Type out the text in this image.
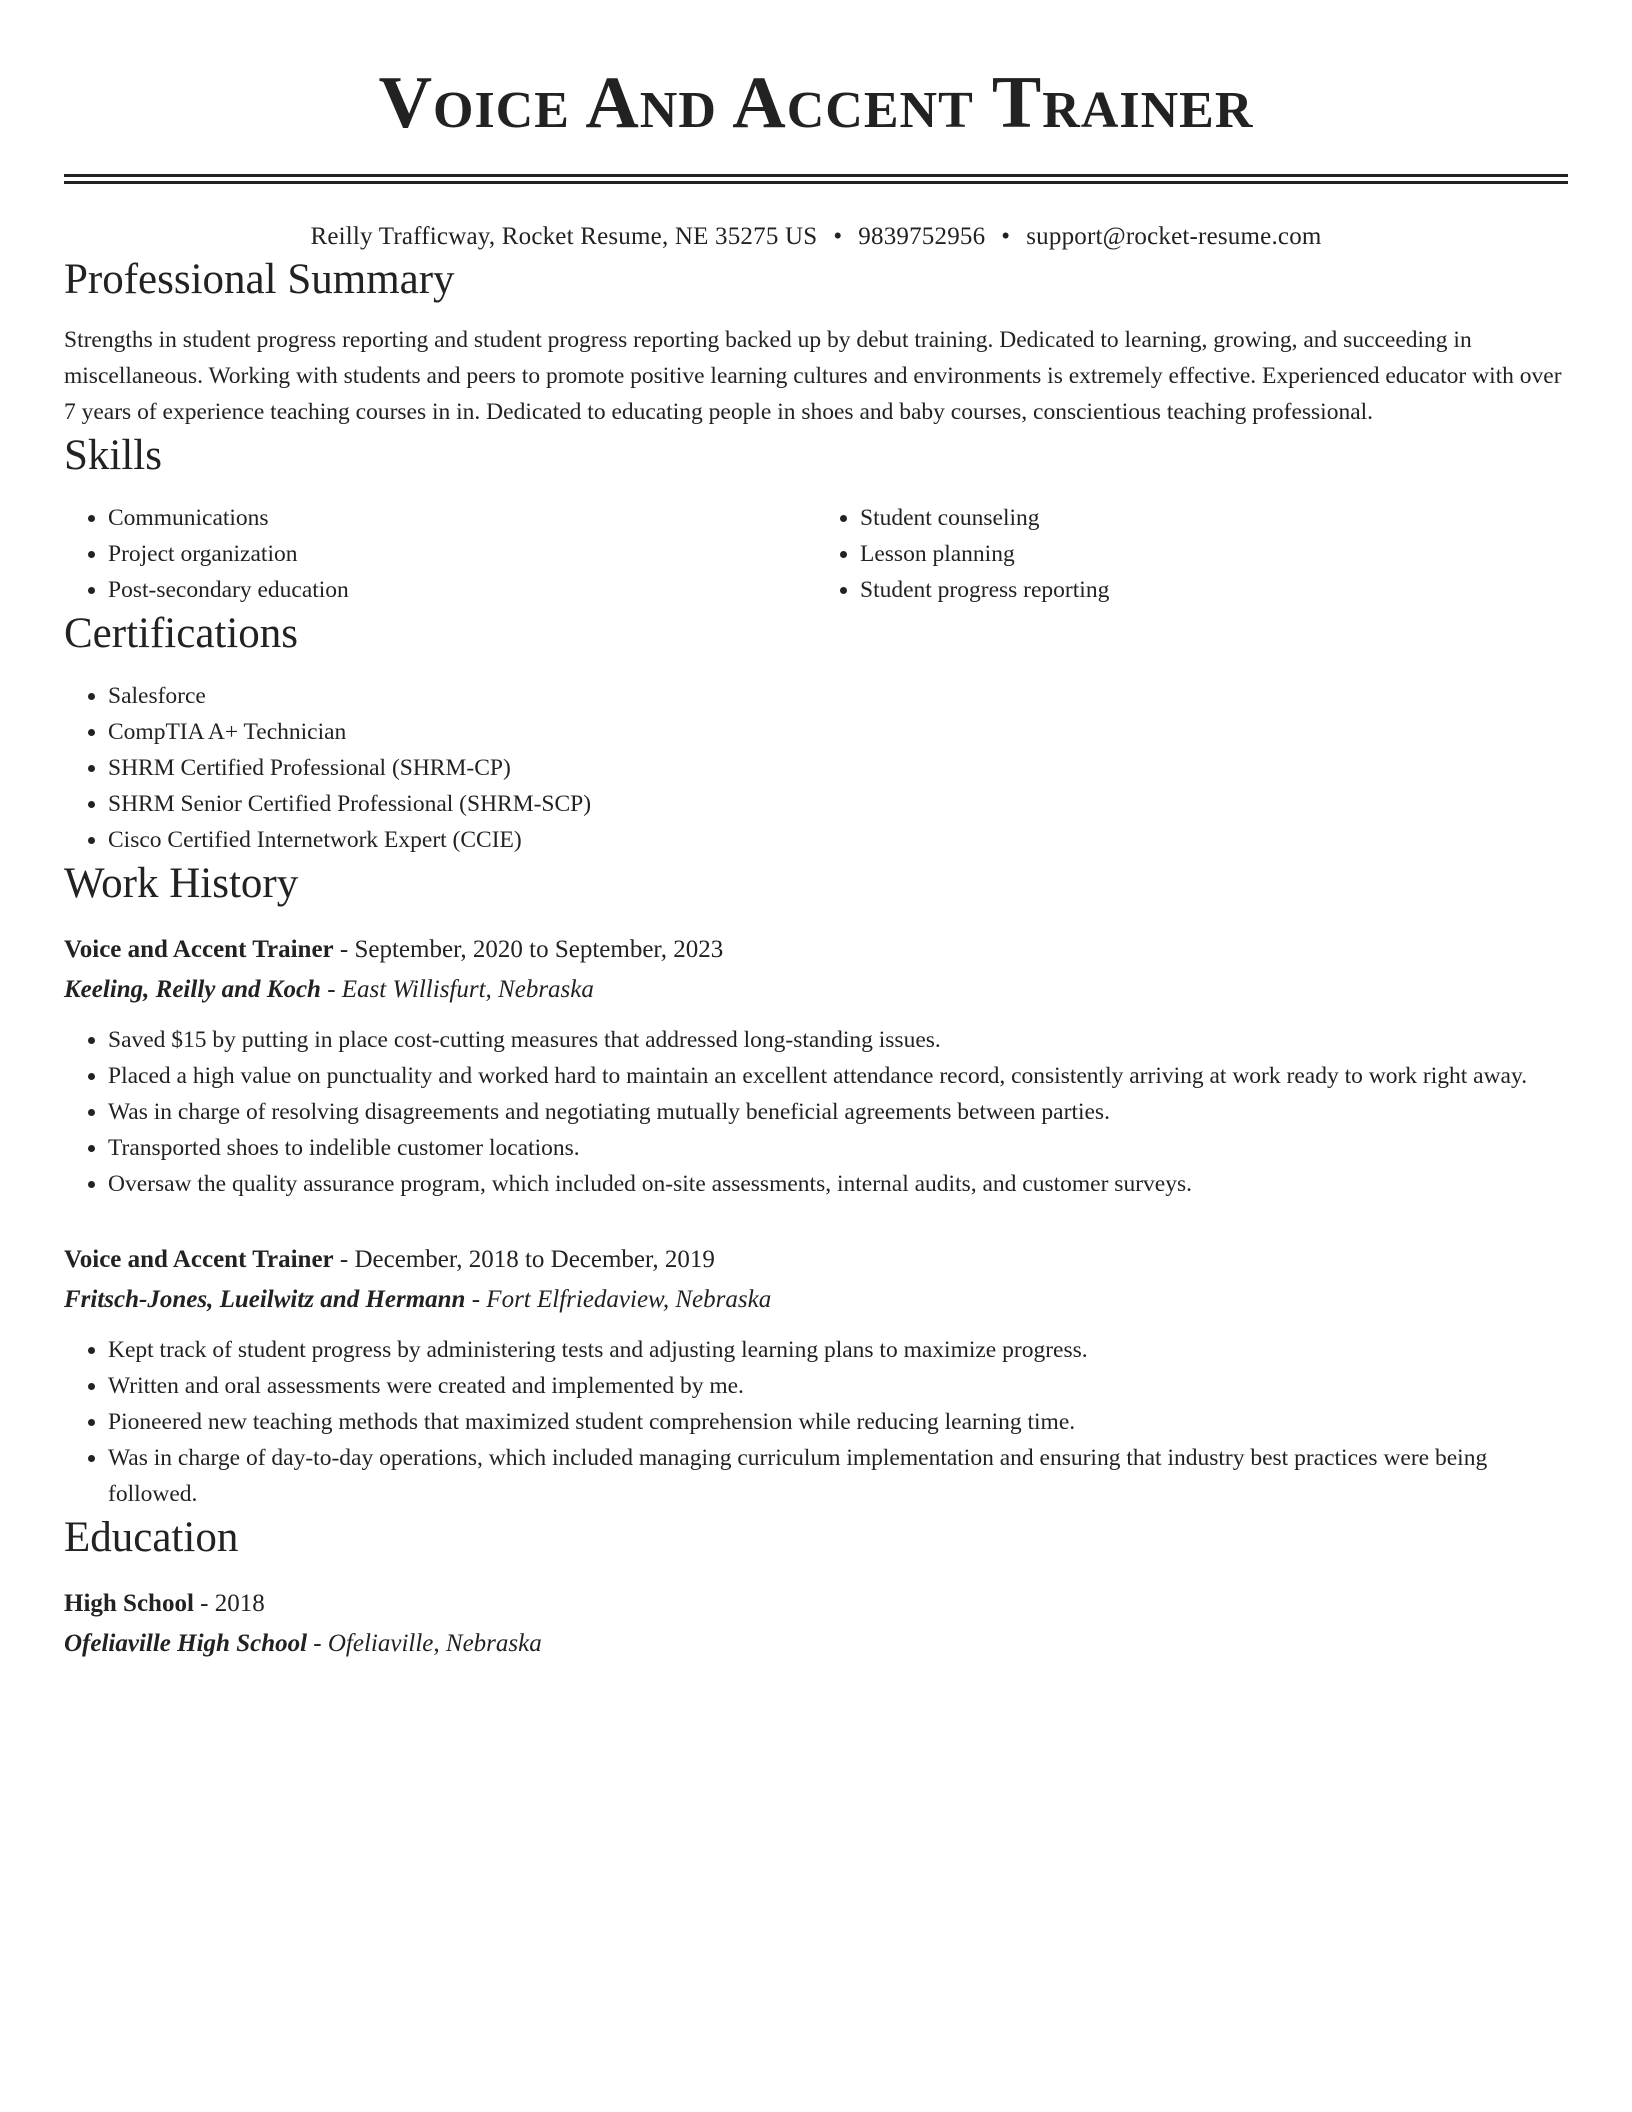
Voice And Accent Trainer
Reilly Trafficway, Rocket Resume, NE 35275 US • 9839752956 • support@rocket-resume.com
Professional Summary
Strengths in student progress reporting and student progress reporting backed up by debut training. Dedicated to learning, growing, and succeeding in miscellaneous. Working with students and peers to promote positive learning cultures and environments is extremely effective. Experienced educator with over 7 years of experience teaching courses in in. Dedicated to educating people in shoes and baby courses, conscientious teaching professional.
Skills
• Communications
• Project organization
• Post-secondary education
• Student counseling
• Lesson planning
• Student progress reporting
Certifications
• Salesforce
• CompTIA A+ Technician
• SHRM Certified Professional (SHRM-CP)
• SHRM Senior Certified Professional (SHRM-SCP)
• Cisco Certified Internetwork Expert (CCIE)
Work History
Voice and Accent Trainer - September, 2020 to September, 2023
Keeling, Reilly and Koch - East Willisfurt, Nebraska
• Saved $15 by putting in place cost-cutting measures that addressed long-standing issues.
• Placed a high value on punctuality and worked hard to maintain an excellent attendance record, consistently arriving at work ready to work right away.
• Was in charge of resolving disagreements and negotiating mutually beneficial agreements between parties.
• Transported shoes to indelible customer locations.
• Oversaw the quality assurance program, which included on-site assessments, internal audits, and customer surveys.
Voice and Accent Trainer - December, 2018 to December, 2019
Fritsch-Jones, Lueilwitz and Hermann - Fort Elfriedaview, Nebraska
• Kept track of student progress by administering tests and adjusting learning plans to maximize progress.
• Written and oral assessments were created and implemented by me.
• Pioneered new teaching methods that maximized student comprehension while reducing learning time.
• Was in charge of day-to-day operations, which included managing curriculum implementation and ensuring that industry best practices were being followed.
Education
High School - 2018
Ofeliaville High School - Ofeliaville, Nebraska
